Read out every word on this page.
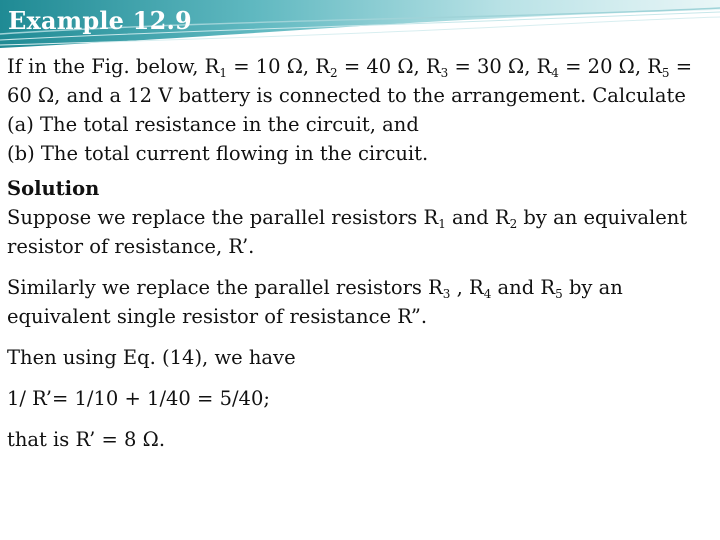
Example 12.9

If in the Fig. below, $R_1 = 10$ Ω, $R_2 = 40$ Ω, $R_3 = 30$ Ω, $R_4 = 20$ Ω, $R_5$ =

60 Ω, and a 12 V battery is connected to the arrangement. Calculate

(a) The total resistance in the circuit, and

(b) The total current flowing in the circuit.

Solution

Suppose we replace the parallel resistors $R_1$ and $R_2$ by an equivalent

resistor of resistance, R’.

Similarly we replace the parallel resistors $R_3$ , $R_4$ and $R_5$ by an

equivalent single resistor of resistance R”.

Then using Eq. (14), we have

1/ R’= 1/10 + 1/40 = 5/40;

that is R’ = 8 Ω.
